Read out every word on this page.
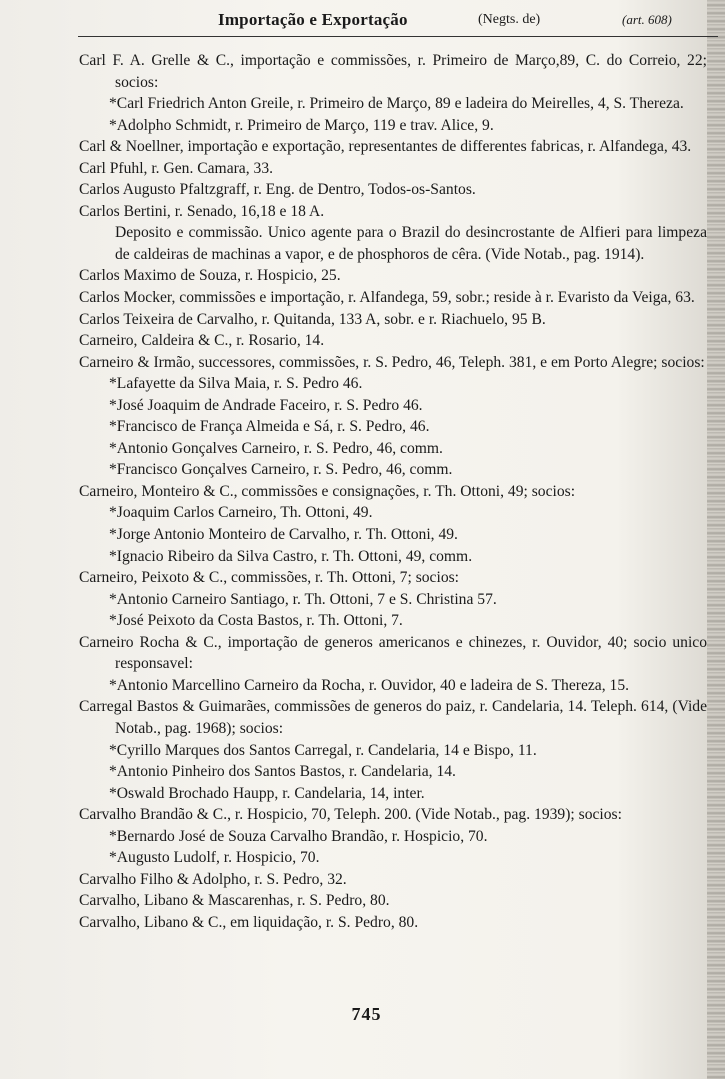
Importação e Exportação	(Negts. de)	(art. 608)

Carl F. A. Grelle & C., importação e commissões, r. Primeiro de Março,89, C. do Correio, 22; socios:

*Carl Friedrich Anton Greile, r. Primeiro de Março, 89 e ladeira do Meirelles, 4, S. Thereza.

*Adolpho Schmidt, r. Primeiro de Março, 119 e trav. Alice, 9.

Carl & Noellner, importação e exportação, representantes de differentes fabricas, r. Alfandega, 43.

Carl Pfuhl, r. Gen. Camara, 33.

Carlos Augusto Pfaltzgraff, r. Eng. de Dentro, Todos-os-Santos.

Carlos Bertini, r. Senado, 16,18 e 18 A.

Deposito e commissão. Unico agente para o Brazil do desincrostante de Alfieri para limpeza de caldeiras de machinas a vapor, e de phosphoros de cêra. (Vide Notab., pag. 1914).

Carlos Maximo de Souza, r. Hospicio, 25.

Carlos Mocker, commissões e importação, r. Alfandega, 59, sobr.; reside à r. Evaristo da Veiga, 63.

Carlos Teixeira de Carvalho, r. Quitanda, 133 A, sobr. e r. Riachuelo, 95 B.

Carneiro, Caldeira & C., r. Rosario, 14.

Carneiro & Irmão, successores, commissões, r. S. Pedro, 46, Teleph. 381, e em Porto Alegre; socios:

*Lafayette da Silva Maia, r. S. Pedro 46.

*José Joaquim de Andrade Faceiro, r. S. Pedro 46.

*Francisco de França Almeida e Sá, r. S. Pedro, 46.

*Antonio Gonçalves Carneiro, r. S. Pedro, 46, comm.

*Francisco Gonçalves Carneiro, r. S. Pedro, 46, comm.

Carneiro, Monteiro & C., commissões e consignações, r. Th. Ottoni, 49; socios:

*Joaquim Carlos Carneiro, Th. Ottoni, 49.

*Jorge Antonio Monteiro de Carvalho, r. Th. Ottoni, 49.

*Ignacio Ribeiro da Silva Castro, r. Th. Ottoni, 49, comm.

Carneiro, Peixoto & C., commissões, r. Th. Ottoni, 7; socios:

*Antonio Carneiro Santiago, r. Th. Ottoni, 7 e S. Christina 57.

*José Peixoto da Costa Bastos, r. Th. Ottoni, 7.

Carneiro Rocha & C., importação de generos americanos e chinezes, r. Ouvidor, 40; socio unico responsavel:

*Antonio Marcellino Carneiro da Rocha, r. Ouvidor, 40 e ladeira de S. Thereza, 15.

Carregal Bastos & Guimarães, commissões de generos do paiz, r. Candelaria, 14. Teleph. 614, (Vide Notab., pag. 1968); socios:

*Cyrillo Marques dos Santos Carregal, r. Candelaria, 14 e Bispo, 11.

*Antonio Pinheiro dos Santos Bastos, r. Candelaria, 14.

*Oswald Brochado Haupp, r. Candelaria, 14, inter.

Carvalho Brandão & C., r. Hospicio, 70, Teleph. 200. (Vide Notab., pag. 1939); socios:

*Bernardo José de Souza Carvalho Brandão, r. Hospicio, 70.

*Augusto Ludolf, r. Hospicio, 70.

Carvalho Filho & Adolpho, r. S. Pedro, 32.

Carvalho, Libano & Mascarenhas, r. S. Pedro, 80.

Carvalho, Libano & C., em liquidação, r. S. Pedro, 80.

745
